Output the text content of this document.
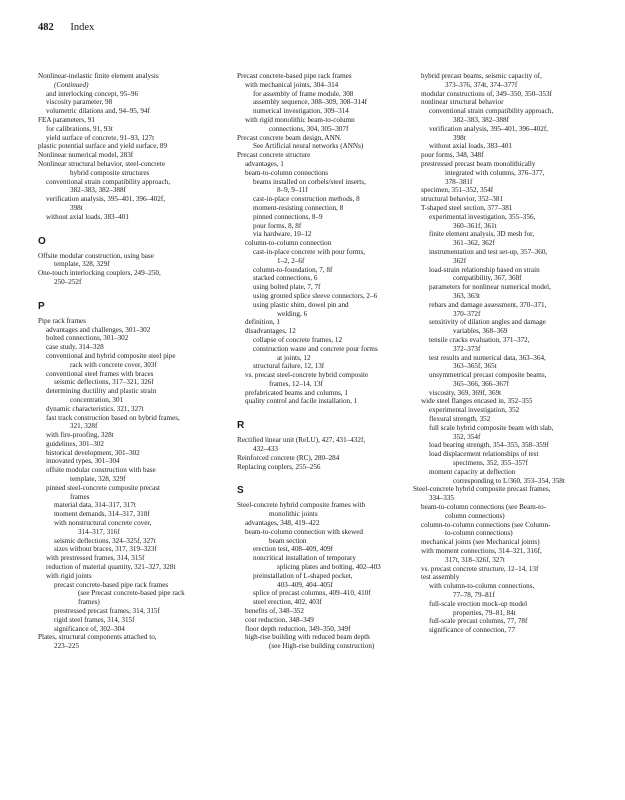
482 Index
Nonlinear-inelastic finite element analysis
(Continued)
and interlocking concept, 95–96
viscosity parameter, 98
volumetric dilations and, 94–95, 94f
FEA parameters, 91
for calibrations, 91, 93t
yield surface of concrete, 91–93, 127t
plastic potential surface and yield surface, 89
Nonlinear numerical model, 283f
Nonlinear structural behavior, steel-concrete
hybrid composite structures
conventional strain compatibility approach,
382–383, 382–388f
verification analysis, 395–401, 396–402f,
398t
without axial loads, 383–401
O
Offsite modular construction, using base
template, 328, 329f
One-touch interlocking couplers, 249–250,
250–252f
P
Pipe rack frames
advantages and challenges, 301–302
bolted connections, 301–302
case study, 314–328
conventional and hybrid composite steel pipe
rack with concrete cover, 303f
conventional steel frames with braces
seismic deflections, 317–321, 326f
determining ductility and plastic strain
concentration, 301
dynamic characteristics, 321, 327t
fast track construction based on hybrid frames,
321, 328f
with fire-proofing, 328t
guidelines, 301–302
historical development, 301–302
innovated types, 301–304
offsite modular construction with base
template, 328, 329f
pinned steel-concrete composite precast
frames
material data, 314–317, 317t
moment demands, 314–317, 318f
with nonstructural concrete cover,
314–317, 316f
seismic deflections, 324–325f, 327t
sizes without braces, 317, 319–323f
with prestressed frames, 314, 315f
reduction of material quantity, 321–327, 328t
with rigid joints
precast concrete-based pipe rack frames
(see Precast concrete-based pipe rack
frames)
prestressed precast frames, 314, 315f
rigid steel frames, 314, 315f
significance of, 302–304
Plates, structural components attached to,
223–225
Precast concrete-based pipe rack frames
with mechanical joints, 304–314
for assembly of frame module, 308
assembly sequence, 308–309, 308–314f
numerical investigation, 309–314
with rigid monolithic beam-to-column
connections, 304, 305–307f
Precast concrete beam design, ANN.
See Artificial neural networks (ANNs)
Precast concrete structure
advantages, 1
beam-to-column connections
beams installed on corbels/steel inserts,
8–9, 9–11f
cast-in-place construction methods, 8
moment-resisting connection, 8
pinned connections, 8–9
pour forms, 8, 8f
via hardware, 10–12
column-to-column connection
cast-in-place concrete with pour forms,
1–2, 2–6f
column-to-foundation, 7, 8f
stacked connections, 6
using bolted plate, 7, 7f
using grouted splice sleeve connectors, 2–6
using plastic shim, dowel pin and
welding, 6
definition, 1
disadvantages, 12
collapse of concrete frames, 12
construction waste and concrete pour forms
at joints, 12
structural failure, 12, 13f
vs. precast steel-concrete hybrid composite
frames, 12–14, 13f
prefabricated beams and columns, 1
quality control and facile installation, 1
R
Rectified linear unit (ReLU), 427, 431–432f,
432–433
Reinforced concrete (RC), 280–284
Replacing couplers, 255–256
S
Steel-concrete hybrid composite frames with
monolithic joints
advantages, 348, 419–422
beam-to-column connection with skewed
beam section
erection test, 408–409, 409f
noncritical installation of temporary
splicing plates and bolting, 402–403
preinstallation of L-shaped pocket,
403–409, 404–405f
splice of precast columns, 409–410, 410f
steel erection, 402, 403f
benefits of, 348–352
cost reduction, 348–349
floor depth reduction, 349–350, 349f
high-rise building with reduced beam depth
(see High-rise building construction)
hybrid precast beams, seismic capacity of,
373–376, 374t, 374–377f
modular constructions of, 349–350, 350–353f
nonlinear structural behavior
conventional strain compatibility approach,
382–383, 382–388f
verification analysis, 395–401, 396–402f,
398t
without axial loads, 383–401
pour forms, 348, 348f
prestressed precast beam monolithically
integrated with columns, 376–377,
378–381f
specimen, 351–352, 354f
structural behavior, 352–381
T-shaped steel section, 377–381
experimental investigation, 355–356,
360–361f, 361t
finite element analysis, 3D mesh for,
361–362, 362f
instrumentation and test set-up, 357–360,
362f
load-strain relationship based on strain
compatibility, 367, 368f
parameters for nonlinear numerical model,
363, 363t
rebars and damage assessment, 370–371,
370–372f
sensitivity of dilation angles and damage
variables, 368–369
tensile cracks evaluation, 371–372,
372–373f
test results and numerical data, 363–364,
363–365f, 365t
unsymmetrical precast composite beams,
365–366, 366–367f
viscosity, 369, 369f, 369t
wide steel flanges encased in, 352–355
experimental investigation, 352
flexural strength, 352
full scale hybrid composite beam with slab,
352, 354f
load bearing strength, 354–355, 358–359f
load displacement relationships of test
specimens, 352, 355–357f
moment capacity at deflection
corresponding to L/360, 353–354, 358t
Steel-concrete hybrid composite precast frames,
334–335
beam-to-column connections (see Beam-to-
column connections)
column-to-column connections (see Column-
to-column connections)
mechanical joints (see Mechanical joints)
with moment connections, 314–321, 316f,
317t, 318–326f, 327t
vs. precast concrete structure, 12–14, 13f
test assembly
with column-to-column connections,
77–78, 79–81f
full-scale erection mock-up model
properties, 79–81, 84t
full-scale precast columns, 77, 78f
significance of connection, 77
